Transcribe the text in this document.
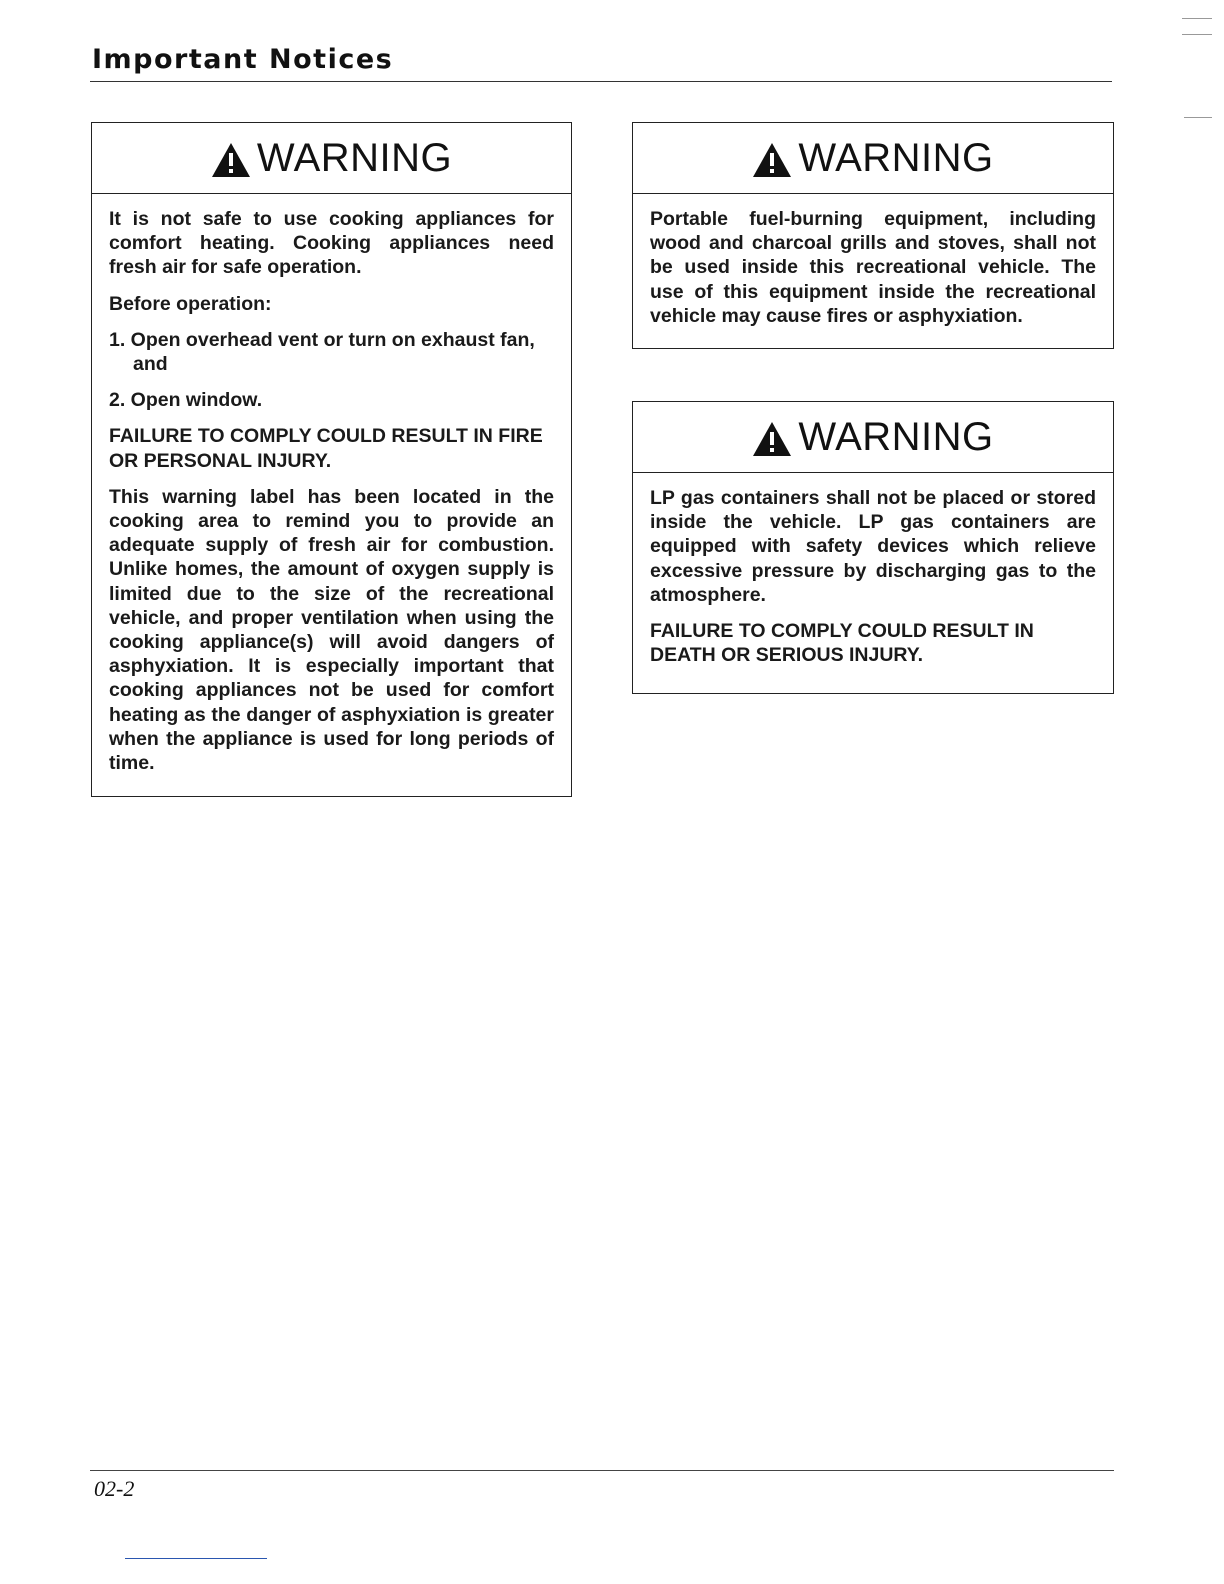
Important Notices
WARNING

It is not safe to use cooking appliances for comfort heating. Cooking appliances need fresh air for safe operation.

Before operation:

1. Open overhead vent or turn on exhaust fan, and
2. Open window.

FAILURE TO COMPLY COULD RESULT IN FIRE OR PERSONAL INJURY.

This warning label has been located in the cooking area to remind you to provide an adequate supply of fresh air for combustion. Unlike homes, the amount of oxygen supply is limited due to the size of the recreational vehicle, and proper ventilation when using the cooking appliance(s) will avoid dangers of asphyxiation. It is especially important that cooking appliances not be used for comfort heating as the danger of asphyxiation is greater when the appliance is used for long periods of time.

WARNING

Portable fuel-burning equipment, including wood and charcoal grills and stoves, shall not be used inside this recreational vehicle. The use of this equipment inside the recreational vehicle may cause fires or asphyxiation.

WARNING

LP gas containers shall not be placed or stored inside the vehicle. LP gas containers are equipped with safety devices which relieve excessive pressure by discharging gas to the atmosphere.

FAILURE TO COMPLY COULD RESULT IN DEATH OR SERIOUS INJURY.

02-2
